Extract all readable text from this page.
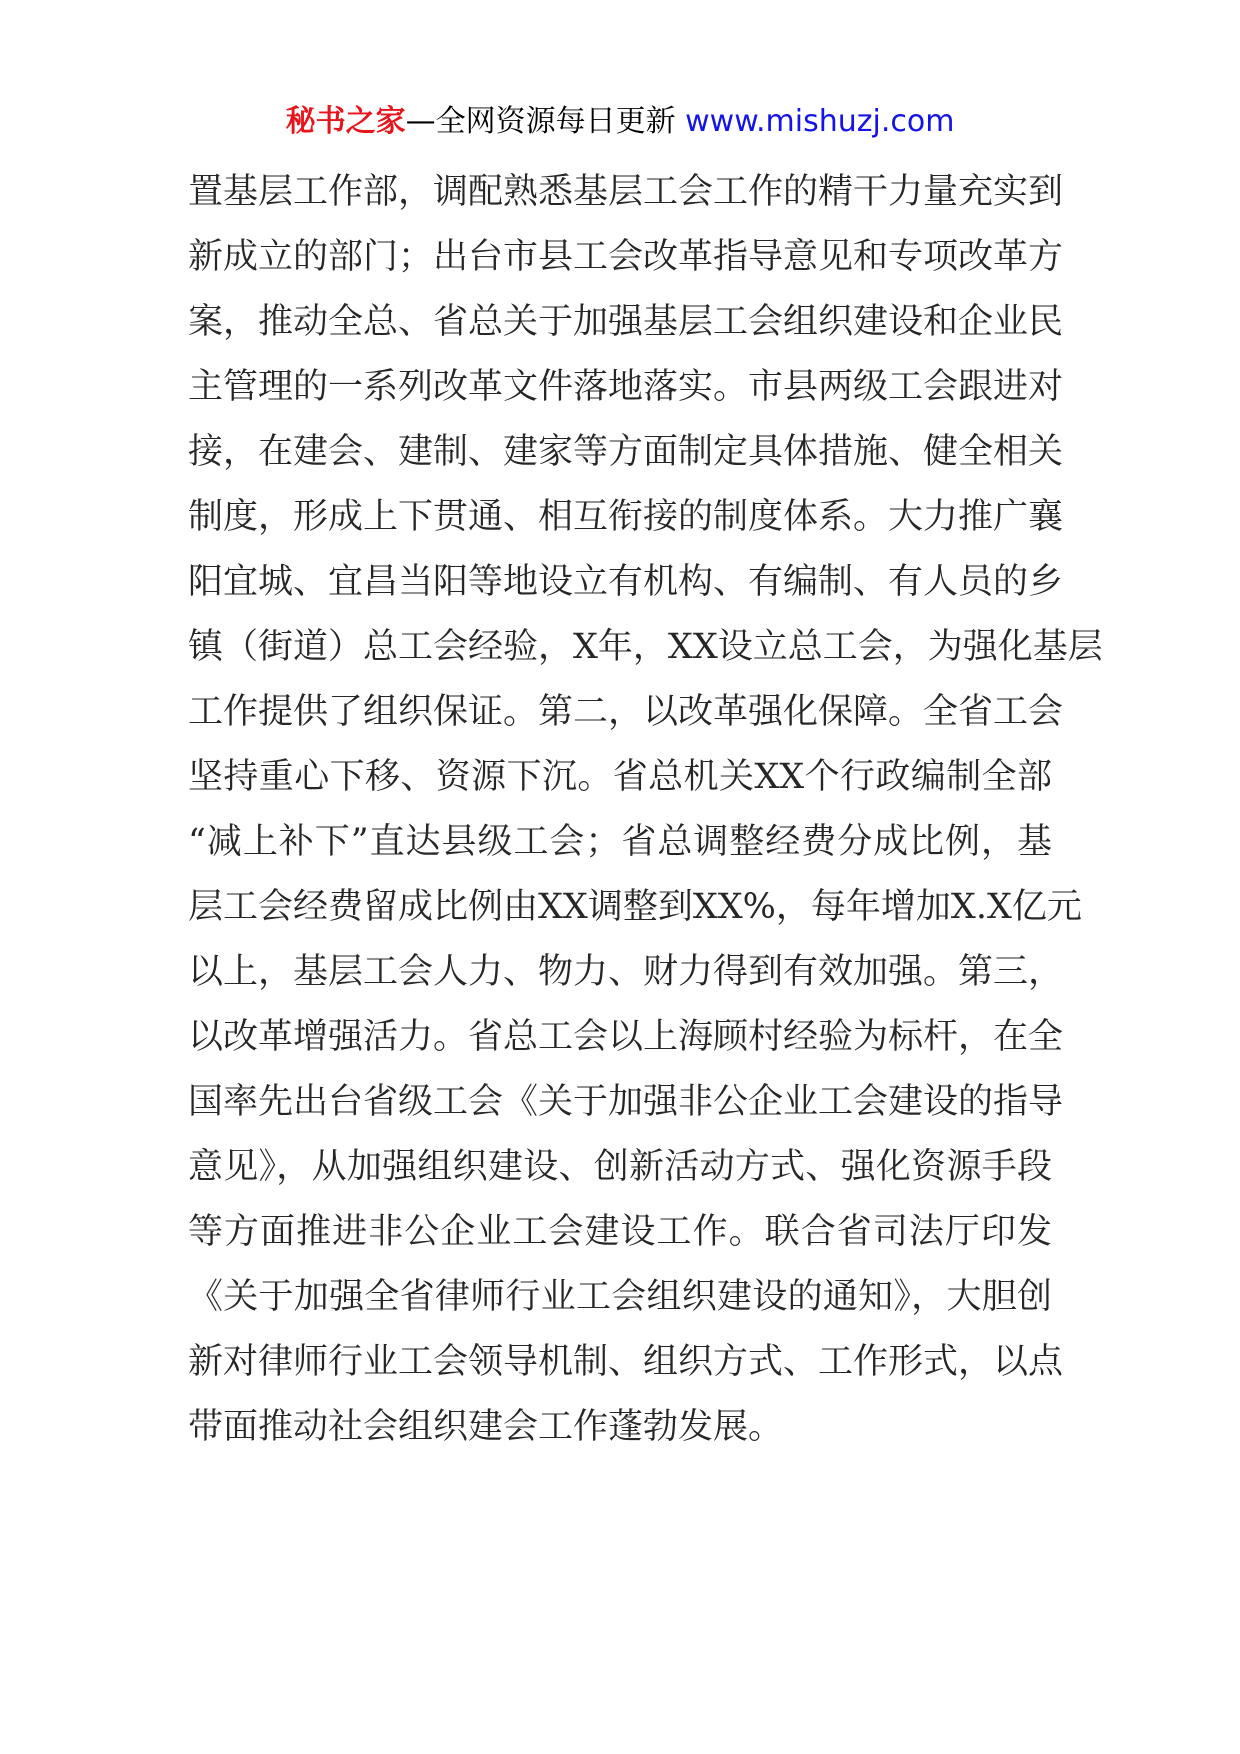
秘书之家—全网资源每日更新 www.mishuzj.com
置基层工作部，调配熟悉基层工会工作的精干力量充实到
新成立的部门；出台市县工会改革指导意见和专项改革方
案，推动全总、省总关于加强基层工会组织建设和企业民
主管理的一系列改革文件落地落实。市县两级工会跟进对
接，在建会、建制、建家等方面制定具体措施、健全相关
制度，形成上下贯通、相互衔接的制度体系。大力推广襄
阳宜城、宜昌当阳等地设立有机构、有编制、有人员的乡
镇（街道）总工会经验，X年，XX设立总工会，为强化基层
工作提供了组织保证。第二，以改革强化保障。全省工会
坚持重心下移、资源下沉。省总机关XX个行政编制全部
“减上补下”直达县级工会；省总调整经费分成比例，基
层工会经费留成比例由XX调整到XX%，每年增加X.X亿元
以上，基层工会人力、物力、财力得到有效加强。第三，
以改革增强活力。省总工会以上海顾村经验为标杆，在全
国率先出台省级工会《关于加强非公企业工会建设的指导
意见》，从加强组织建设、创新活动方式、强化资源手段
等方面推进非公企业工会建设工作。联合省司法厅印发
《关于加强全省律师行业工会组织建设的通知》，大胆创
新对律师行业工会领导机制、组织方式、工作形式，以点
带面推动社会组织建会工作蓬勃发展。
